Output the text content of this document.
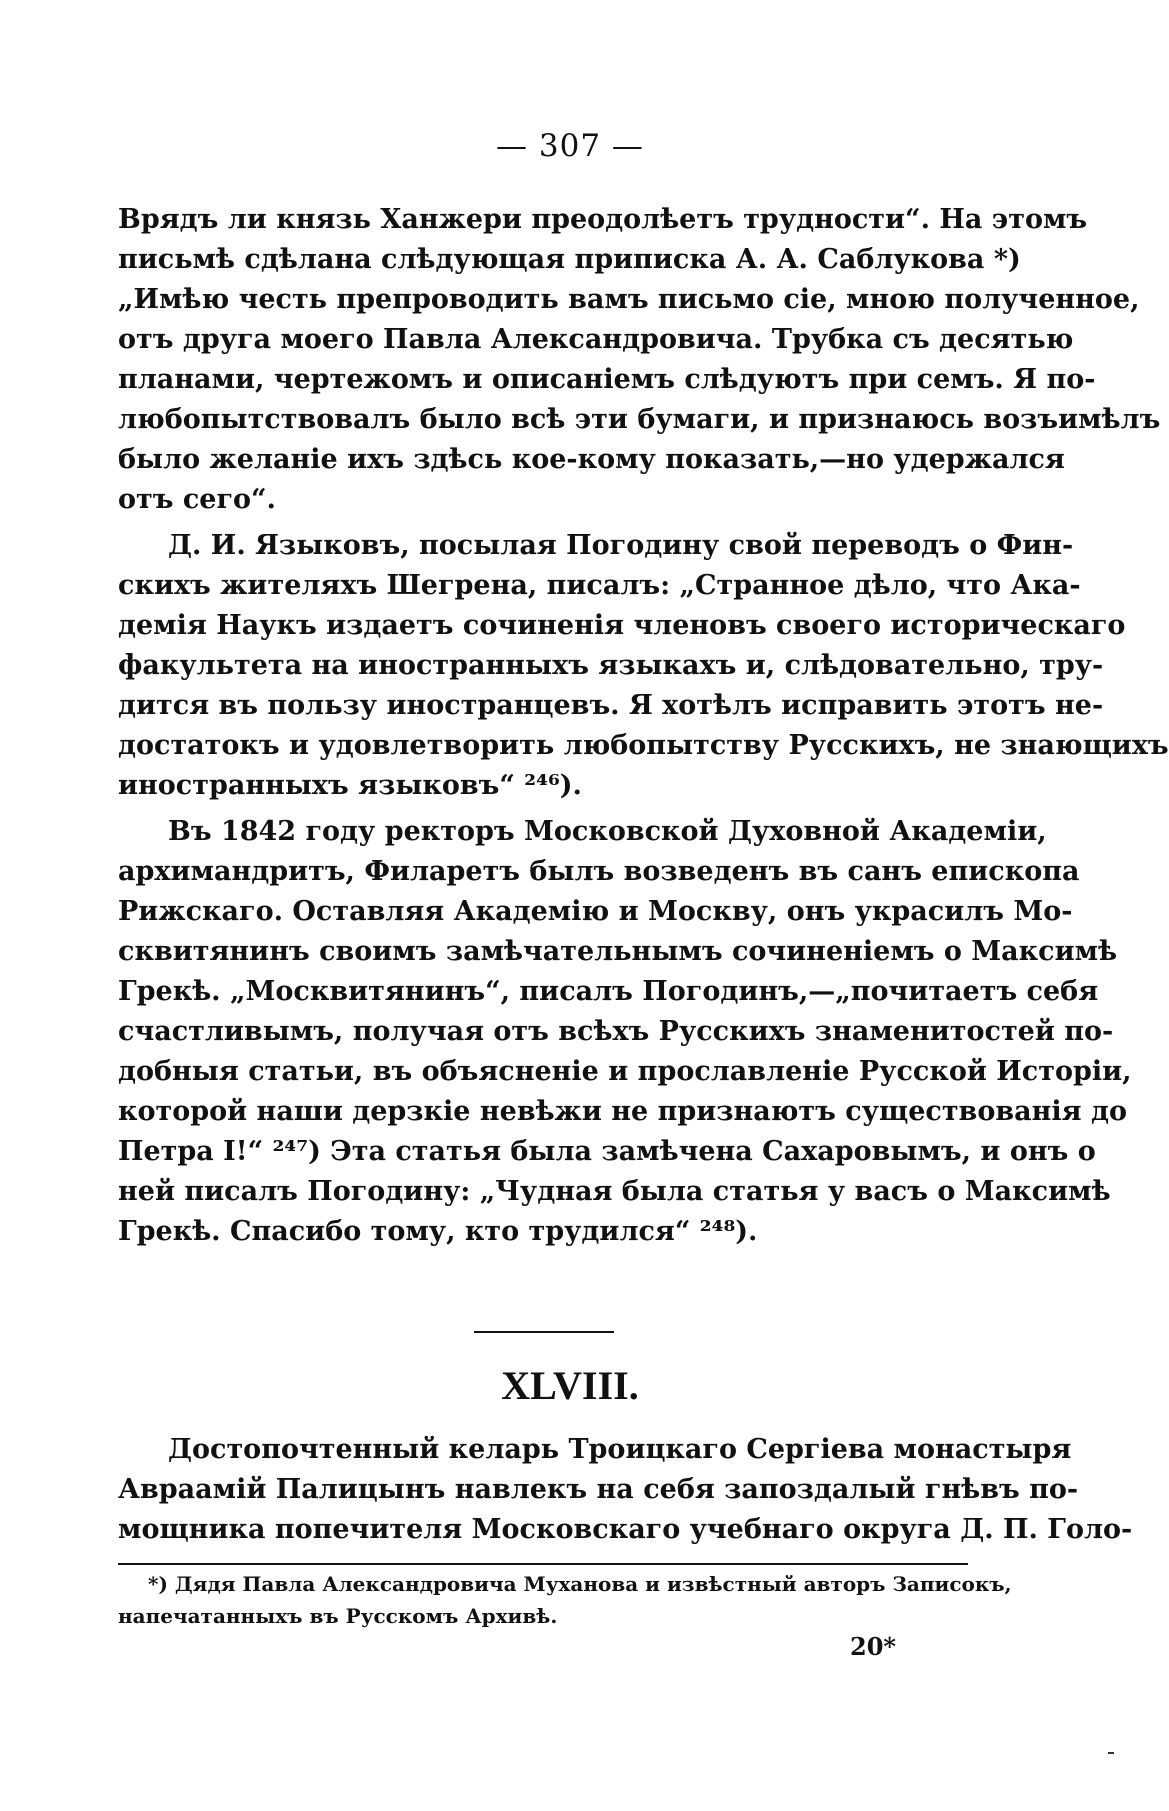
— 307 —
Врядъ ли князь Ханжери преодолѣетъ трудности“. На этомъ
письмѣ сдѣлана слѣдующая приписка А. А. Саблукова *)
„Имѣю честь препроводить вамъ письмо сіе, мною полученное,
отъ друга моего Павла Александровича. Трубка съ десятью
планами, чертежомъ и описаніемъ слѣдуютъ при семъ. Я по-
любопытствовалъ было всѣ эти бумаги, и признаюсь возъимѣлъ
было желаніе ихъ здѣсь кое-кому показать,—но удержался
отъ сего“.
Д. И. Языковъ, посылая Погодину свой переводъ о Фин-
скихъ жителяхъ Шегрена, писалъ: „Странное дѣло, что Ака-
демія Наукъ издаетъ сочиненія членовъ своего историческаго
факультета на иностранныхъ языкахъ и, слѣдовательно, тру-
дится въ пользу иностранцевъ. Я хотѣлъ исправить этотъ не-
достатокъ и удовлетворить любопытству Русскихъ, не знающихъ
иностранныхъ языковъ“ ²⁴⁶).
Въ 1842 году ректоръ Московской Духовной Академіи,
архимандритъ, Филаретъ былъ возведенъ въ санъ епископа
Рижскаго. Оставляя Академію и Москву, онъ украсилъ Мо-
сквитянинъ своимъ замѣчательнымъ сочиненіемъ о Максимѣ
Грекѣ. „Москвитянинъ“, писалъ Погодинъ,—„почитаетъ себя
счастливымъ, получая отъ всѣхъ Русскихъ знаменитостей по-
добныя статьи, въ объясненіе и прославленіе Русской Исторіи,
которой наши дерзкіе невѣжи не признаютъ существованія до
Петра I!“ ²⁴⁷) Эта статья была замѣчена Сахаровымъ, и онъ о
ней писалъ Погодину: „Чудная была статья у васъ о Максимѣ
Грекѣ. Спасибо тому, кто трудился“ ²⁴⁸).
XLVIII.
Достопочтенный келарь Троицкаго Сергіева монастыря
Авраамій Палицынъ навлекъ на себя запоздалый гнѣвъ по-
мощника попечителя Московскаго учебнаго округа Д. П. Голо-
*) Дядя Павла Александровича Муханова и извѣстный авторъ Записокъ,
напечатанныхъ въ Русскомъ Архивѣ.
20*
